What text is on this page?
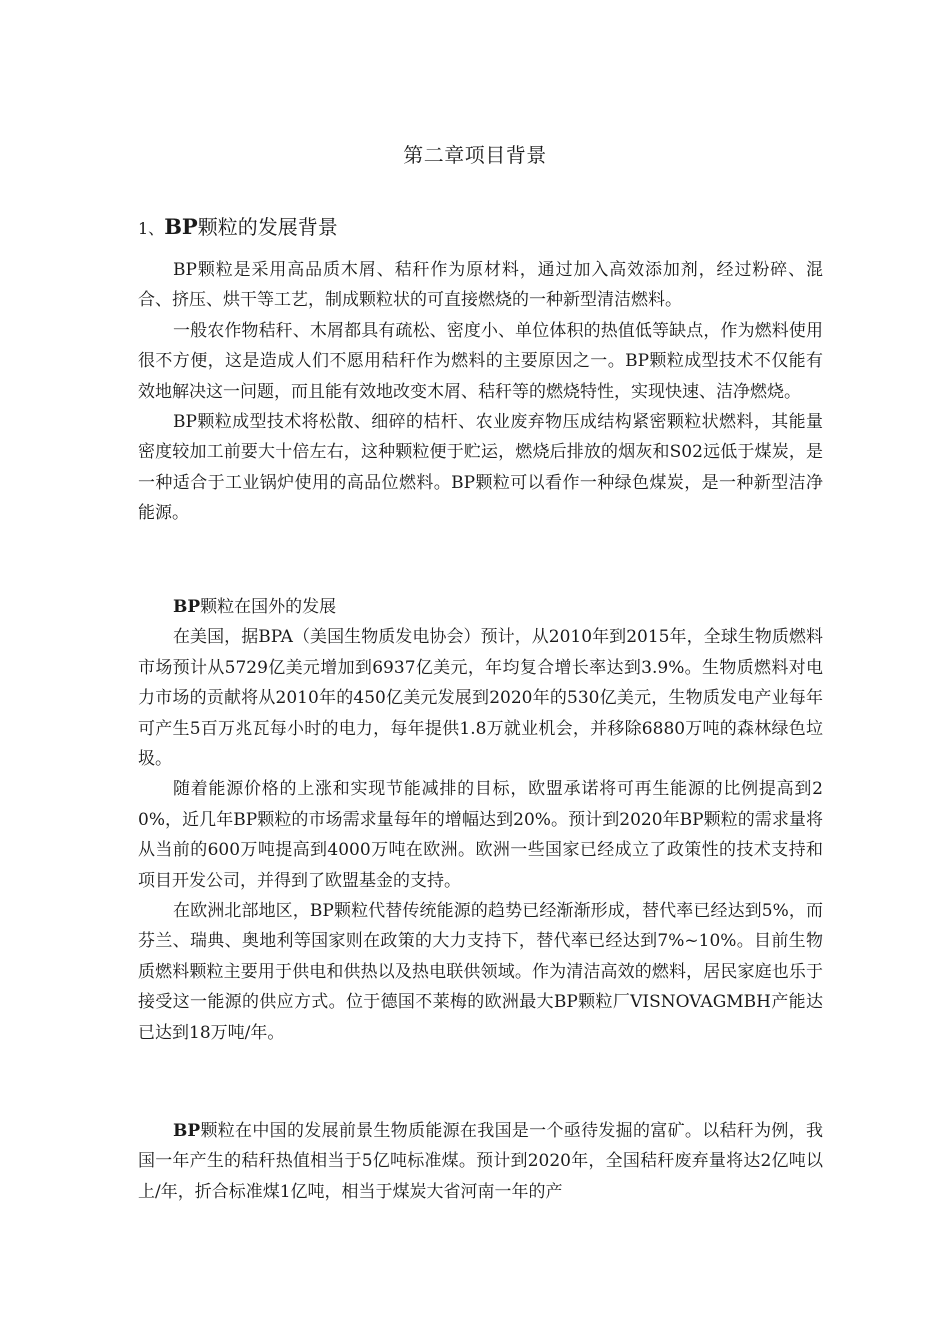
第二章项目背景
1、BP颗粒的发展背景

BP颗粒是采用高品质木屑、秸秆作为原材料，通过加入高效添加剂，经过粉碎、混合、挤压、烘干等工艺，制成颗粒状的可直接燃烧的一种新型清洁燃料。

一般农作物秸秆、木屑都具有疏松、密度小、单位体积的热值低等缺点，作为燃料使用很不方便，这是造成人们不愿用秸秆作为燃料的主要原因之一。BP颗粒成型技术不仅能有效地解决这一问题，而且能有效地改变木屑、秸秆等的燃烧特性，实现快速、洁净燃烧。

BP颗粒成型技术将松散、细碎的桔杆、农业废弃物压成结构紧密颗粒状燃料，其能量密度较加工前要大十倍左右，这种颗粒便于贮运，燃烧后排放的烟灰和S02远低于煤炭，是一种适合于工业锅炉使用的高品位燃料。BP颗粒可以看作一种绿色煤炭，是一种新型洁净能源。

BP颗粒在国外的发展

在美国，据BPA（美国生物质发电协会）预计，从2010年到2015年，全球生物质燃料市场预计从5729亿美元增加到6937亿美元，年均复合增长率达到3.9%。生物质燃料对电力市场的贡献将从2010年的450亿美元发展到2020年的530亿美元，生物质发电产业每年可产生5百万兆瓦每小时的电力，每年提供1.8万就业机会，并移除6880万吨的森林绿色垃圾。

随着能源价格的上涨和实现节能减排的目标，欧盟承诺将可再生能源的比例提高到20%，近几年BP颗粒的市场需求量每年的增幅达到20%。预计到2020年BP颗粒的需求量将从当前的600万吨提高到4000万吨在欧洲。欧洲一些国家已经成立了政策性的技术支持和项目开发公司，并得到了欧盟基金的支持。

在欧洲北部地区，BP颗粒代替传统能源的趋势已经渐渐形成，替代率已经达到5%，而芬兰、瑞典、奥地利等国家则在政策的大力支持下，替代率已经达到7%~10%。目前生物质燃料颗粒主要用于供电和供热以及热电联供领域。作为清洁高效的燃料，居民家庭也乐于接受这一能源的供应方式。位于德国不莱梅的欧洲最大BP颗粒厂VISNOVAGMBH产能达已达到18万吨/年。

BP颗粒在中国的发展前景生物质能源在我国是一个亟待发掘的富矿。以秸秆为例，我国一年产生的秸秆热值相当于5亿吨标准煤。预计到2020年，全国秸秆废弃量将达2亿吨以上/年，折合标准煤1亿吨，相当于煤炭大省河南一年的产
